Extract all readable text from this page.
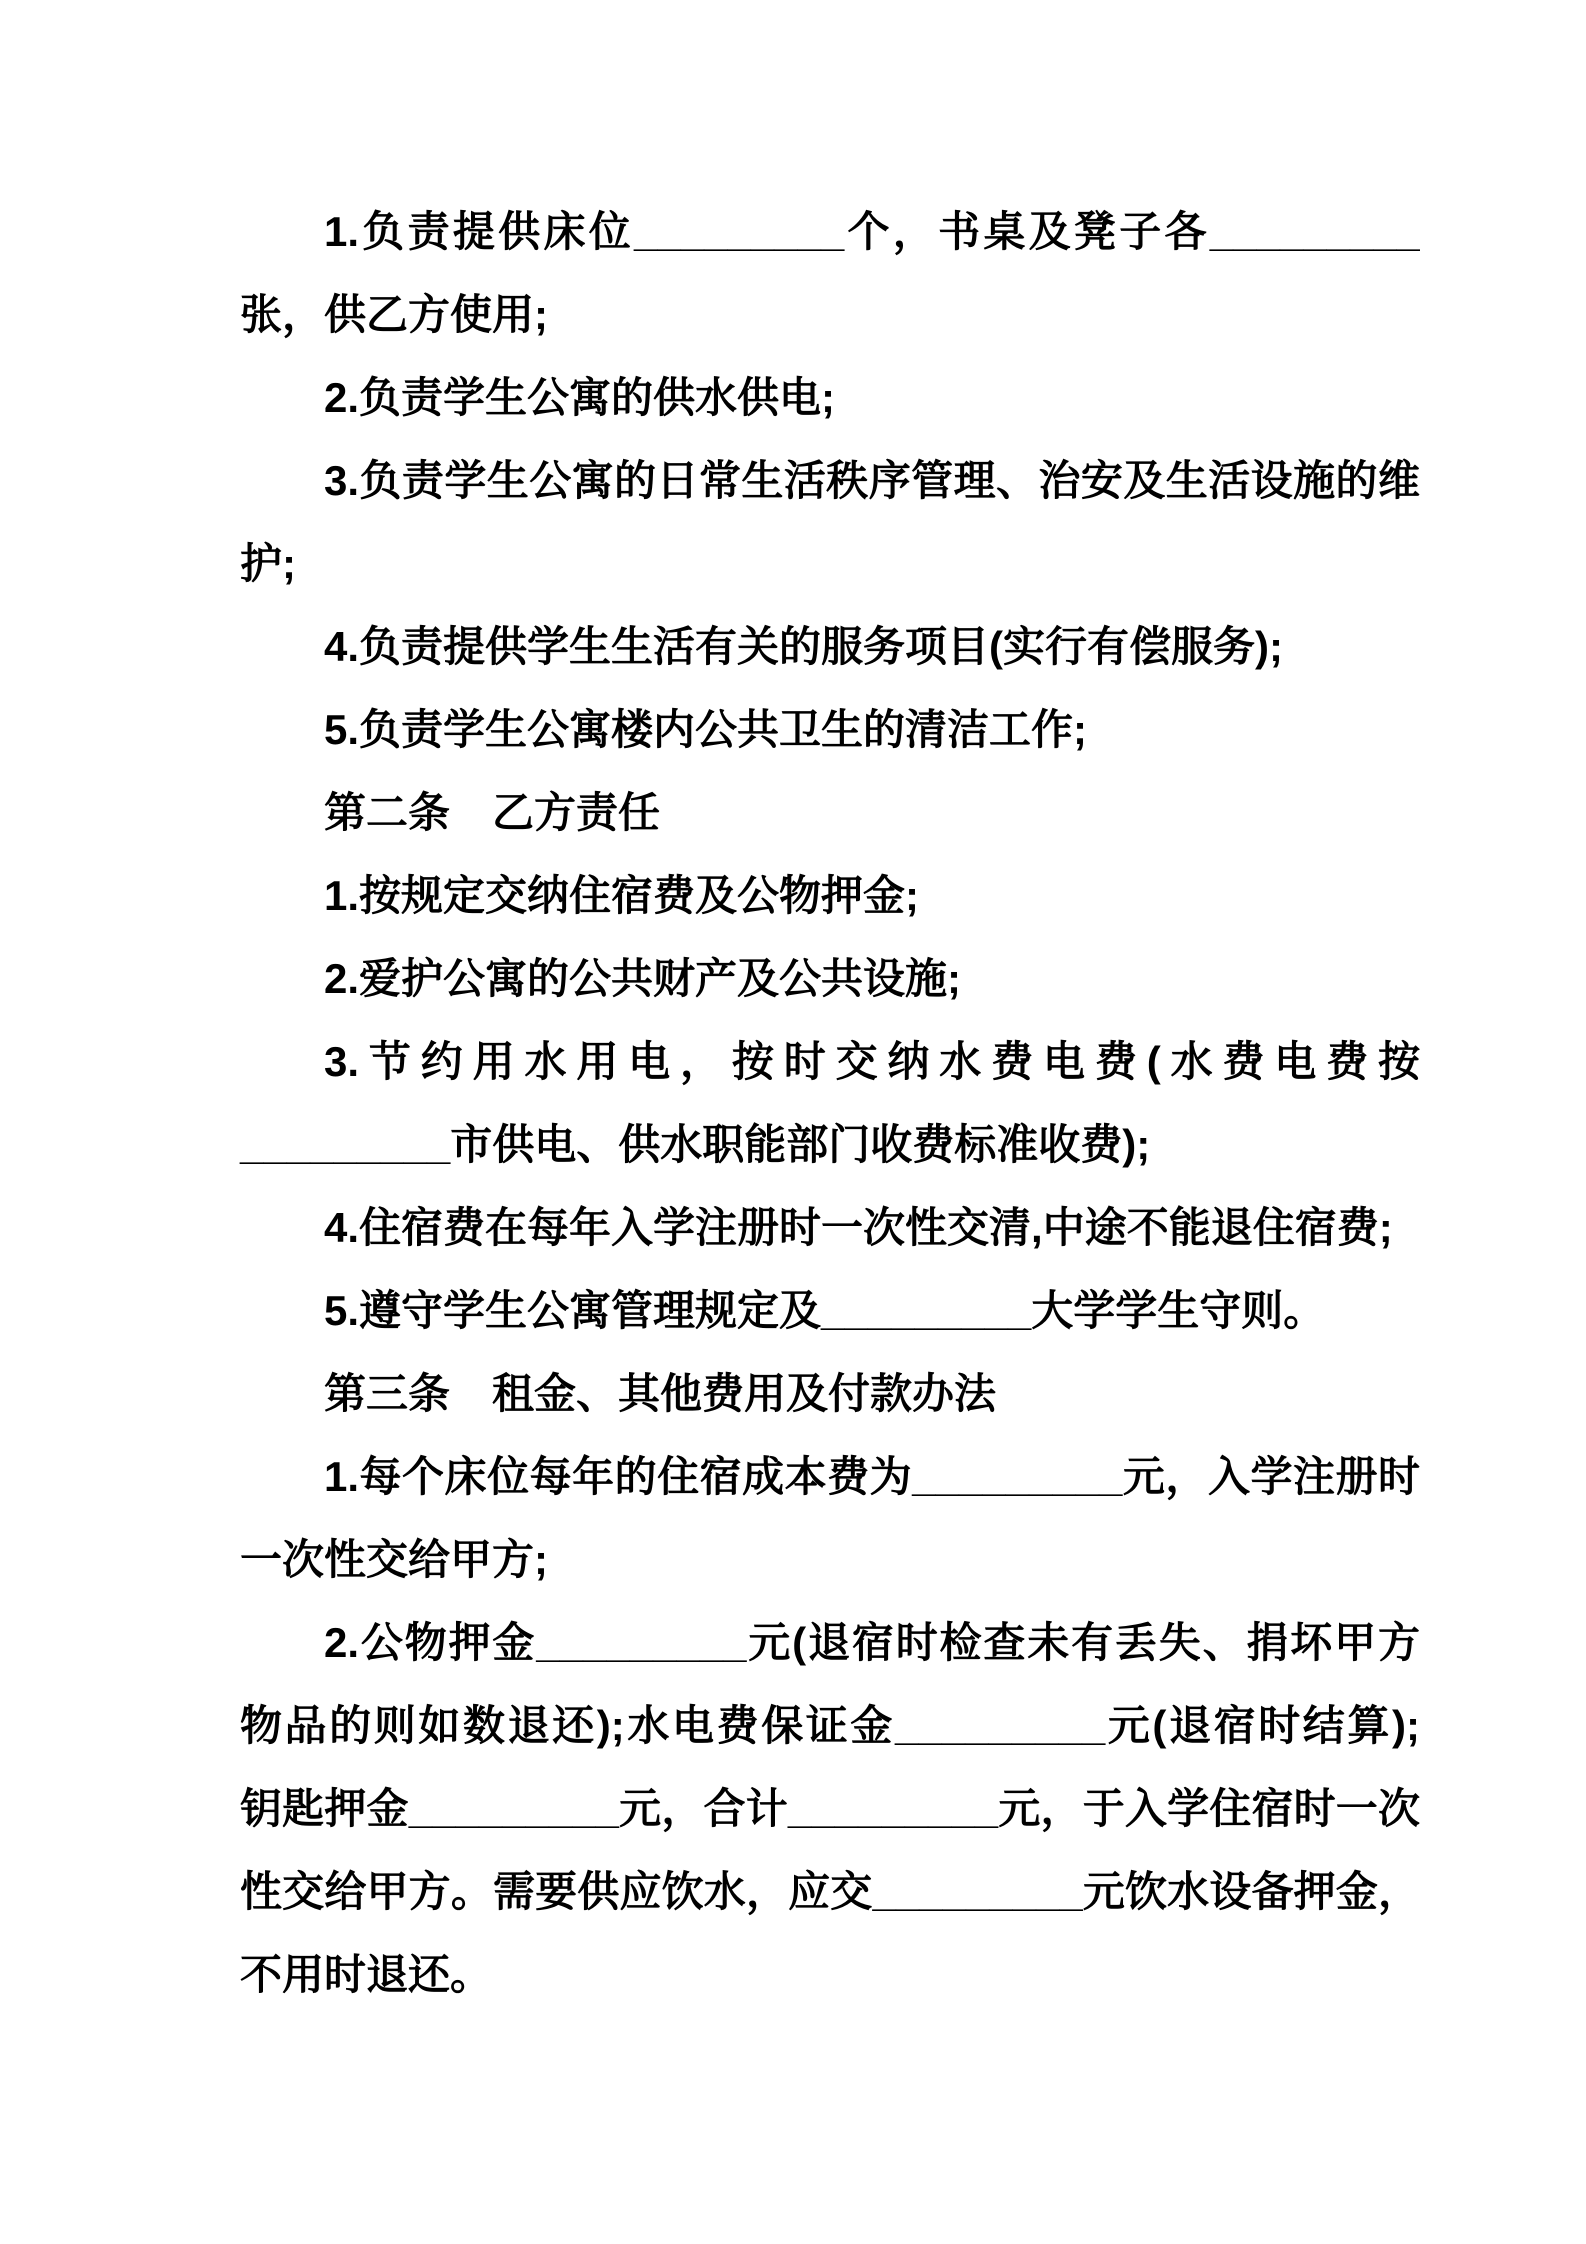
1.负责提供床位_________个，书桌及凳子各_________
张，供乙方使用;
2.负责学生公寓的供水供电;
3.负责学生公寓的日常生活秩序管理、治安及生活设施的维
护;
4.负责提供学生生活有关的服务项目(实行有偿服务);
5.负责学生公寓楼内公共卫生的清洁工作;
第二条　乙方责任
1.按规定交纳住宿费及公物押金;
2.爱护公寓的公共财产及公共设施;
3.节约用水用电，按时交纳水费电费(水费电费按
_________市供电、供水职能部门收费标准收费);
4.住宿费在每年入学注册时一次性交清,中途不能退住宿费;
5.遵守学生公寓管理规定及_________大学学生守则。
第三条　租金、其他费用及付款办法
1.每个床位每年的住宿成本费为_________元，入学注册时
一次性交给甲方;
2.公物押金_________元(退宿时检查未有丢失、捐坏甲方
物品的则如数退还);水电费保证金_________元(退宿时结算);
钥匙押金_________元，合计_________元，于入学住宿时一次
性交给甲方。需要供应饮水，应交_________元饮水设备押金，
不用时退还。
